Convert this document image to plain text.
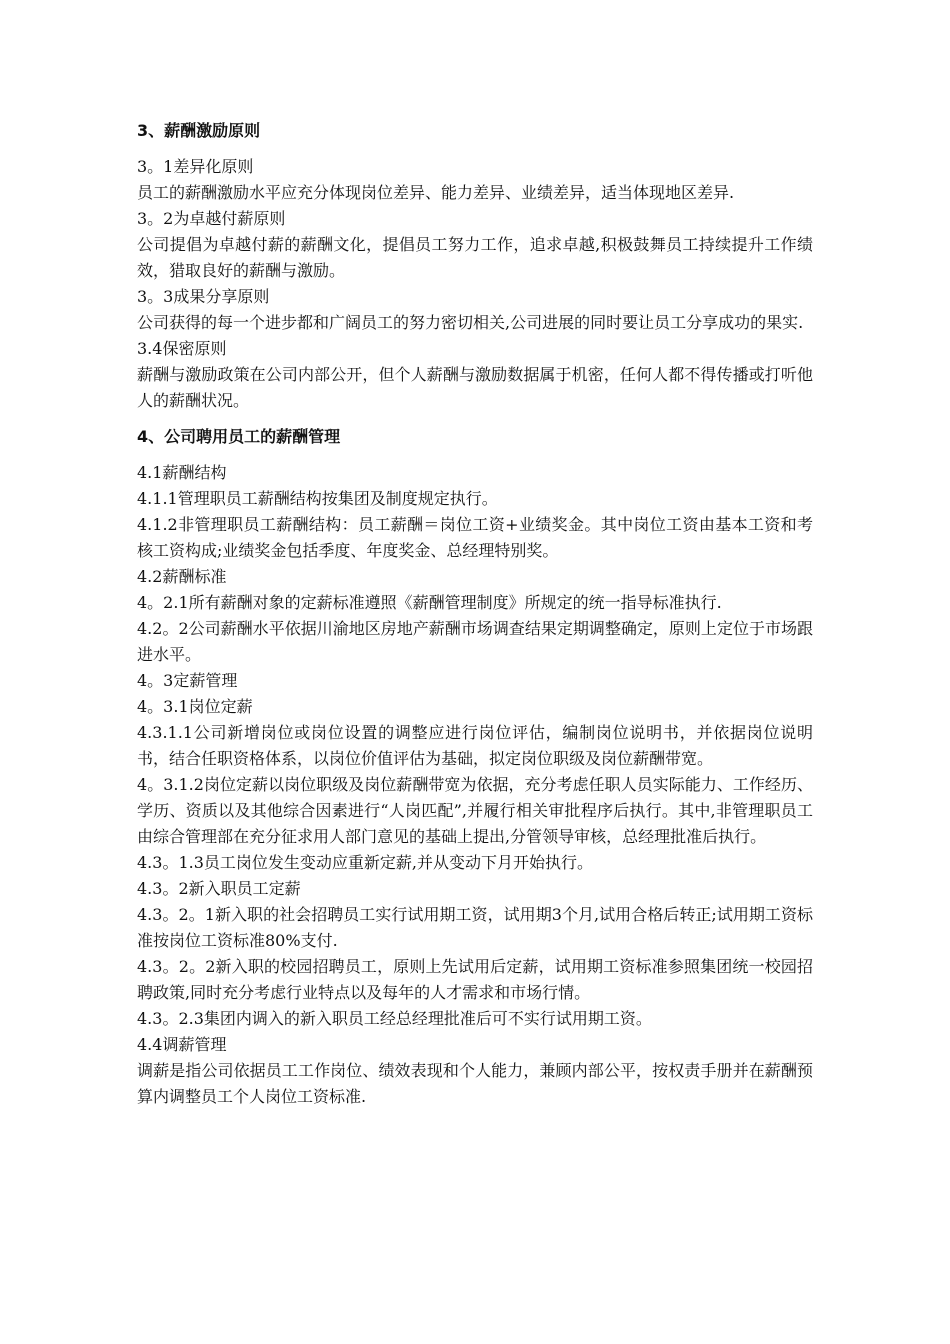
3、薪酬激励原则

3。1差异化原则

员工的薪酬激励水平应充分体现岗位差异、能力差异、业绩差异，适当体现地区差异.

3。2为卓越付薪原则

公司提倡为卓越付薪的薪酬文化，提倡员工努力工作，追求卓越,积极鼓舞员工持续提升工作绩效，猎取良好的薪酬与激励。

3。3成果分享原则

公司获得的每一个进步都和广阔员工的努力密切相关,公司进展的同时要让员工分享成功的果实.

3.4保密原则

薪酬与激励政策在公司内部公开，但个人薪酬与激励数据属于机密，任何人都不得传播或打听他人的薪酬状况。

4、公司聘用员工的薪酬管理

4.1薪酬结构

4.1.1管理职员工薪酬结构按集团及制度规定执行。

4.1.2非管理职员工薪酬结构：员工薪酬＝岗位工资+业绩奖金。其中岗位工资由基本工资和考核工资构成;业绩奖金包括季度、年度奖金、总经理特别奖。

4.2薪酬标准

4。2.1所有薪酬对象的定薪标准遵照《薪酬管理制度》所规定的统一指导标准执行.

4.2。2公司薪酬水平依据川渝地区房地产薪酬市场调查结果定期调整确定，原则上定位于市场跟进水平。

4。3定薪管理

4。3.1岗位定薪

4.3.1.1公司新增岗位或岗位设置的调整应进行岗位评估，编制岗位说明书，并依据岗位说明书，结合任职资格体系，以岗位价值评估为基础，拟定岗位职级及岗位薪酬带宽。

4。3.1.2岗位定薪以岗位职级及岗位薪酬带宽为依据，充分考虑任职人员实际能力、工作经历、学历、资质以及其他综合因素进行“人岗匹配”,并履行相关审批程序后执行。其中,非管理职员工由综合管理部在充分征求用人部门意见的基础上提出,分管领导审核，总经理批准后执行。

4.3。1.3员工岗位发生变动应重新定薪,并从变动下月开始执行。

4.3。2新入职员工定薪

4.3。2。1新入职的社会招聘员工实行试用期工资，试用期3个月,试用合格后转正;试用期工资标准按岗位工资标准80%支付.

4.3。2。2新入职的校园招聘员工，原则上先试用后定薪，试用期工资标准参照集团统一校园招聘政策,同时充分考虑行业特点以及每年的人才需求和市场行情。

4.3。2.3集团内调入的新入职员工经总经理批准后可不实行试用期工资。

4.4调薪管理

调薪是指公司依据员工工作岗位、绩效表现和个人能力，兼顾内部公平，按权责手册并在薪酬预算内调整员工个人岗位工资标准.
